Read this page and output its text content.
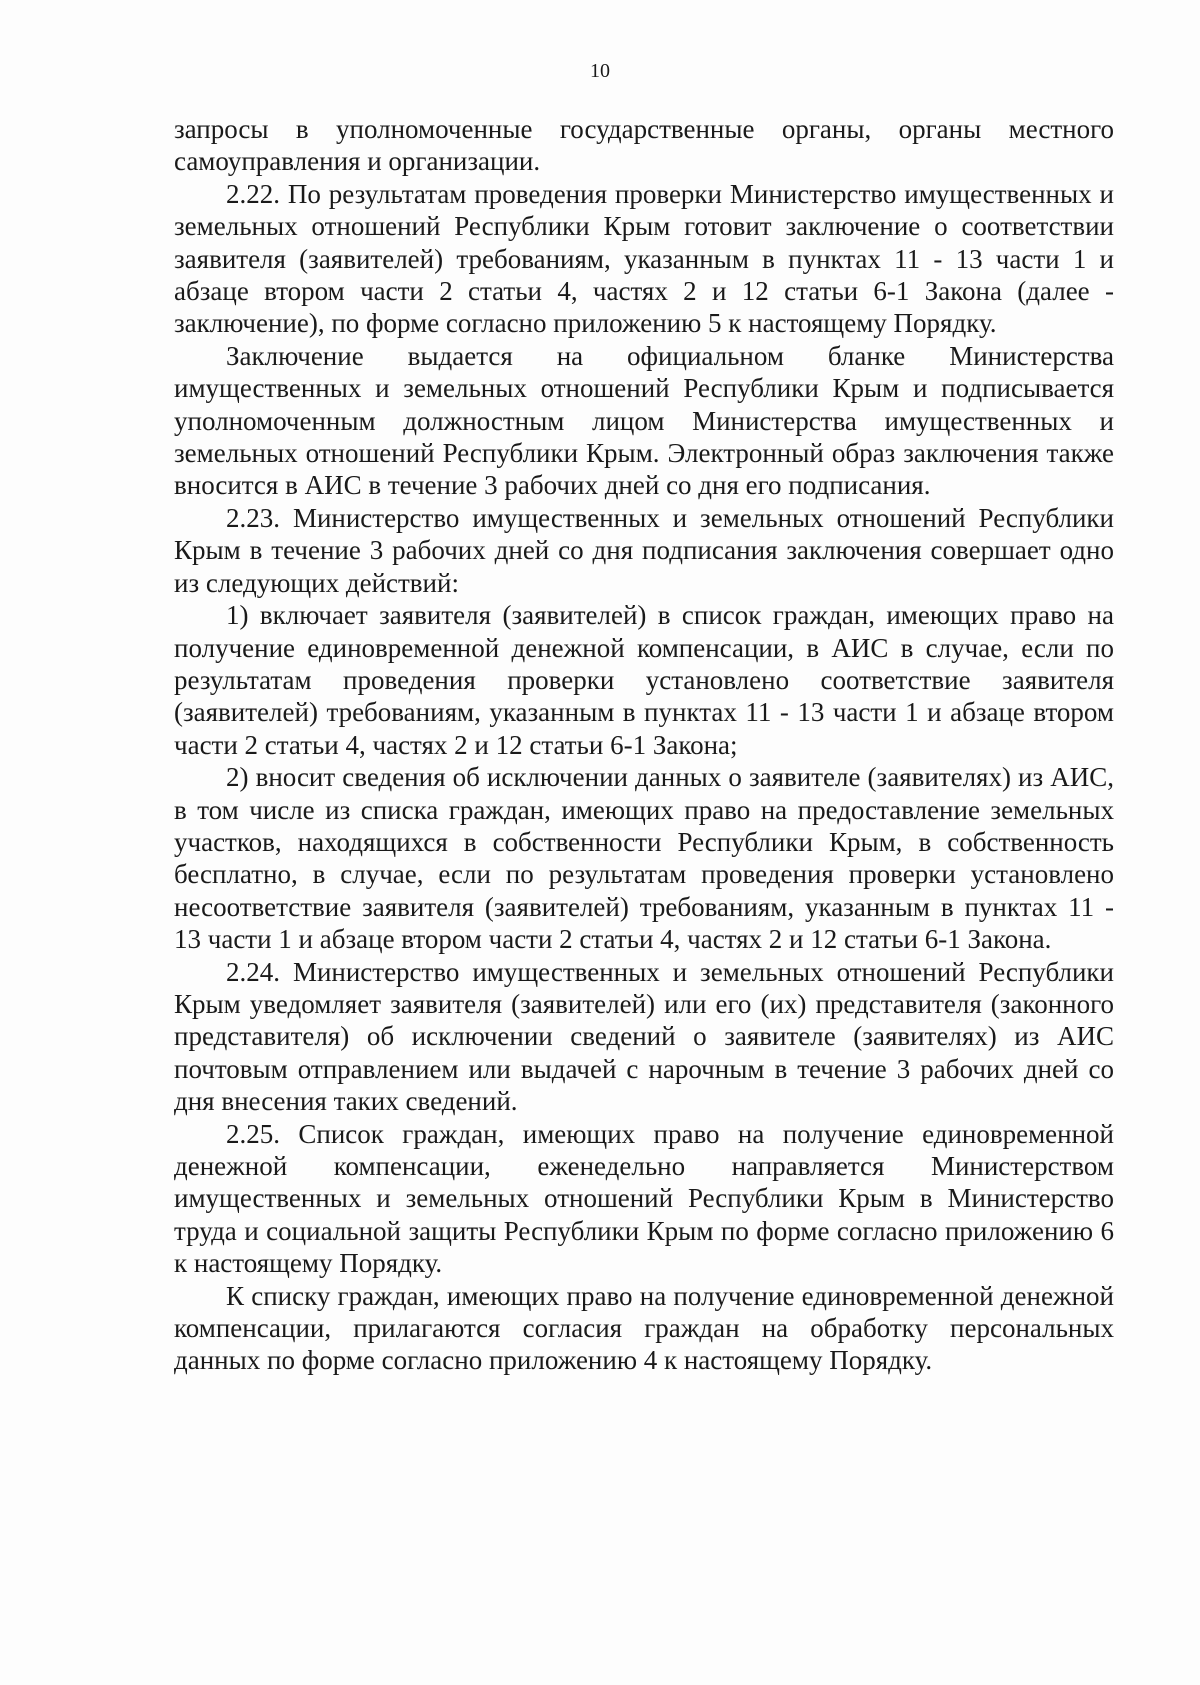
10

запросы в уполномоченные государственные органы, органы местного самоуправления и организации.

2.22. По результатам проведения проверки Министерство имущественных и земельных отношений Республики Крым готовит заключение о соответствии заявителя (заявителей) требованиям, указанным в пунктах 11 - 13 части 1 и абзаце втором части 2 статьи 4, частях 2 и 12 статьи 6-1 Закона (далее - заключение), по форме согласно приложению 5 к настоящему Порядку.

Заключение выдается на официальном бланке Министерства имущественных и земельных отношений Республики Крым и подписывается уполномоченным должностным лицом Министерства имущественных и земельных отношений Республики Крым. Электронный образ заключения также вносится в АИС в течение 3 рабочих дней со дня его подписания.

2.23. Министерство имущественных и земельных отношений Республики Крым в течение 3 рабочих дней со дня подписания заключения совершает одно из следующих действий:

1) включает заявителя (заявителей) в список граждан, имеющих право на получение единовременной денежной компенсации, в АИС в случае, если по результатам проведения проверки установлено соответствие заявителя (заявителей) требованиям, указанным в пунктах 11 - 13 части 1 и абзаце втором части 2 статьи 4, частях 2 и 12 статьи 6-1 Закона;

2) вносит сведения об исключении данных о заявителе (заявителях) из АИС, в том числе из списка граждан, имеющих право на предоставление земельных участков, находящихся в собственности Республики Крым, в собственность бесплатно, в случае, если по результатам проведения проверки установлено несоответствие заявителя (заявителей) требованиям, указанным в пунктах 11 - 13 части 1 и абзаце втором части 2 статьи 4, частях 2 и 12 статьи 6-1 Закона.

2.24. Министерство имущественных и земельных отношений Республики Крым уведомляет заявителя (заявителей) или его (их) представителя (законного представителя) об исключении сведений о заявителе (заявителях) из АИС почтовым отправлением или выдачей с нарочным в течение 3 рабочих дней со дня внесения таких сведений.

2.25. Список граждан, имеющих право на получение единовременной денежной компенсации, еженедельно направляется Министерством имущественных и земельных отношений Республики Крым в Министерство труда и социальной защиты Республики Крым по форме согласно приложению 6 к настоящему Порядку.

К списку граждан, имеющих право на получение единовременной денежной компенсации, прилагаются согласия граждан на обработку персональных данных по форме согласно приложению 4 к настоящему Порядку.
